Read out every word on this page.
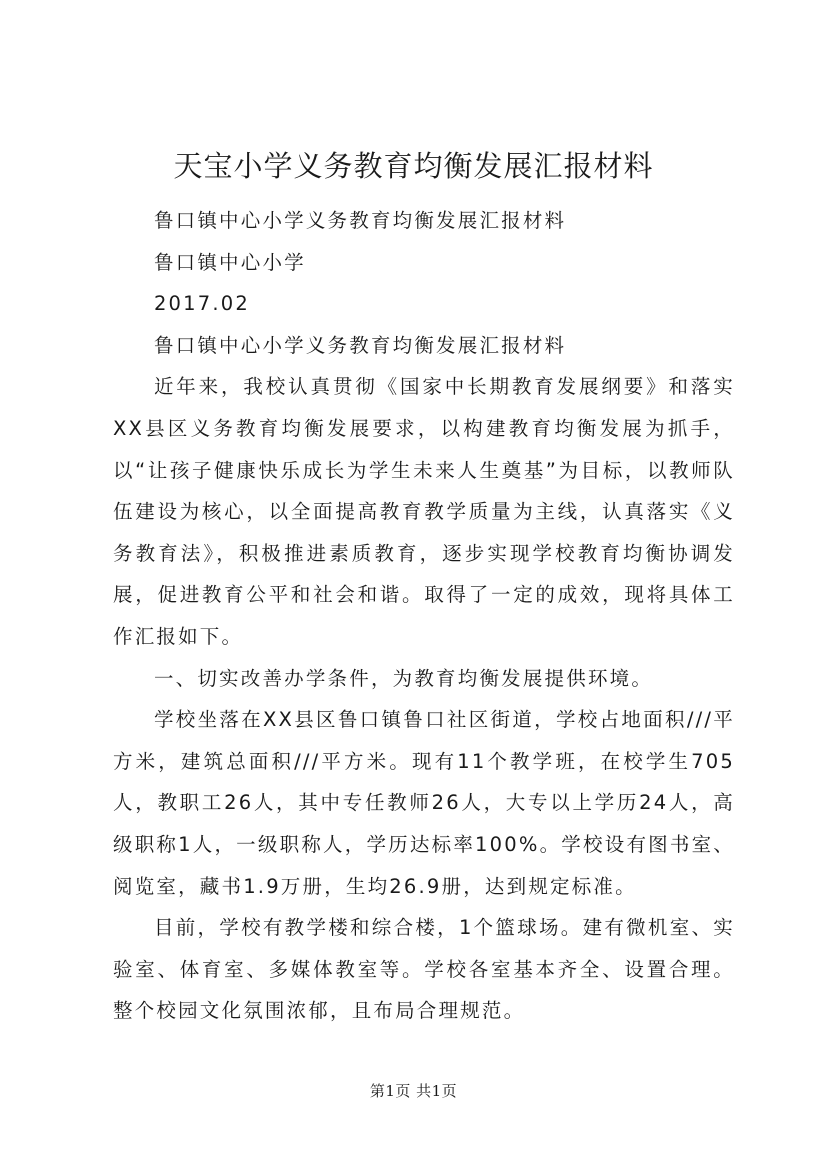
天宝小学义务教育均衡发展汇报材料

鲁口镇中心小学义务教育均衡发展汇报材料

鲁口镇中心小学

2017.02

鲁口镇中心小学义务教育均衡发展汇报材料

近年来，我校认真贯彻《国家中长期教育发展纲要》和落实XX县区义务教育均衡发展要求，以构建教育均衡发展为抓手，以“让孩子健康快乐成长为学生未来人生奠基”为目标，以教师队伍建设为核心，以全面提高教育教学质量为主线，认真落实《义务教育法》，积极推进素质教育，逐步实现学校教育均衡协调发展，促进教育公平和社会和谐。取得了一定的成效，现将具体工作汇报如下。

一、切实改善办学条件，为教育均衡发展提供环境。

学校坐落在XX县区鲁口镇鲁口社区街道，学校占地面积///平方米，建筑总面积///平方米。现有11个教学班，在校学生705人，教职工26人，其中专任教师26人，大专以上学历24人，高级职称1人，一级职称人，学历达标率100%。学校设有图书室、阅览室，藏书1.9万册，生均26.9册，达到规定标准。

目前，学校有教学楼和综合楼，1个篮球场。建有微机室、实验室、体育室、多媒体教室等。学校各室基本齐全、设置合理。整个校园文化氛围浓郁，且布局合理规范。

第1页 共1页
